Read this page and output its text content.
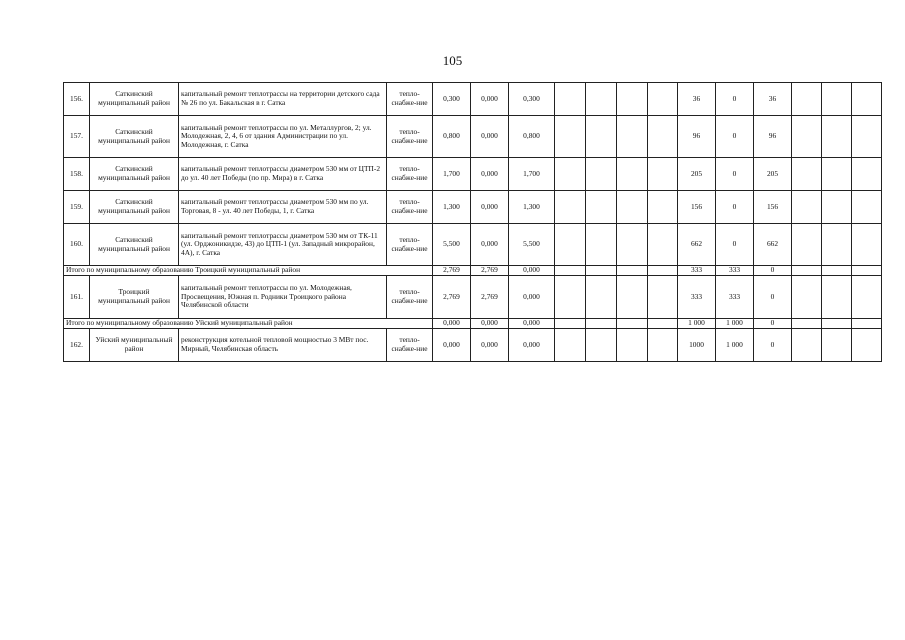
105
156.	Саткинский муниципальный район	капитальный ремонт теплотрассы на территории детского сада № 26 по ул. Бакальская в г. Сатка	тепло-снабже-ние	0,300	0,000	0,300					36	0	36			
157.	Саткинский муниципальный район	капитальный ремонт теплотрассы по ул. Металлургов, 2; ул. Молодежная, 2, 4, 6 от здания Администрации по ул. Молодежная, г. Сатка	тепло-снабже-ние	0,800	0,000	0,800					96	0	96			
158.	Саткинский муниципальный район	капитальный ремонт теплотрассы диаметром 530 мм от ЦТП-2 до ул. 40 лет Победы (по пр. Мира) в г. Сатка	тепло-снабже-ние	1,700	0,000	1,700					205	0	205			
159.	Саткинский муниципальный район	капитальный ремонт теплотрассы диаметром 530 мм по ул. Торговая, 8 - ул. 40 лет Победы, 1, г. Сатка	тепло-снабже-ние	1,300	0,000	1,300					156	0	156			
160.	Саткинский муниципальный район	капитальный ремонт теплотрассы диаметром 530 мм от ТК-11 (ул. Орджоникидзе, 43) до ЦТП-1 (ул. Западный микрорайон, 4А), г. Сатка	тепло-снабже-ние	5,500	0,000	5,500					662	0	662			
Итого по муниципальному образованию Троицкий муниципальный район				2,769	2,769	0,000					333	333	0			
161.	Троицкий муниципальный район	капитальный ремонт теплотрассы по ул. Молодежная, Просвещения, Южная п. Родники Троицкого района Челябинской области	тепло-снабже-ние	2,769	2,769	0,000					333	333	0			
Итого по муниципальному образованию Уйский муниципальный район				0,000	0,000	0,000					1 000	1 000	0			
162.	Уйский муниципальный район	реконструкция котельной тепловой мощностью 3 МВт пос. Мирный, Челябинская область	тепло-снабже-ние	0,000	0,000	0,000					1000	1 000	0			
